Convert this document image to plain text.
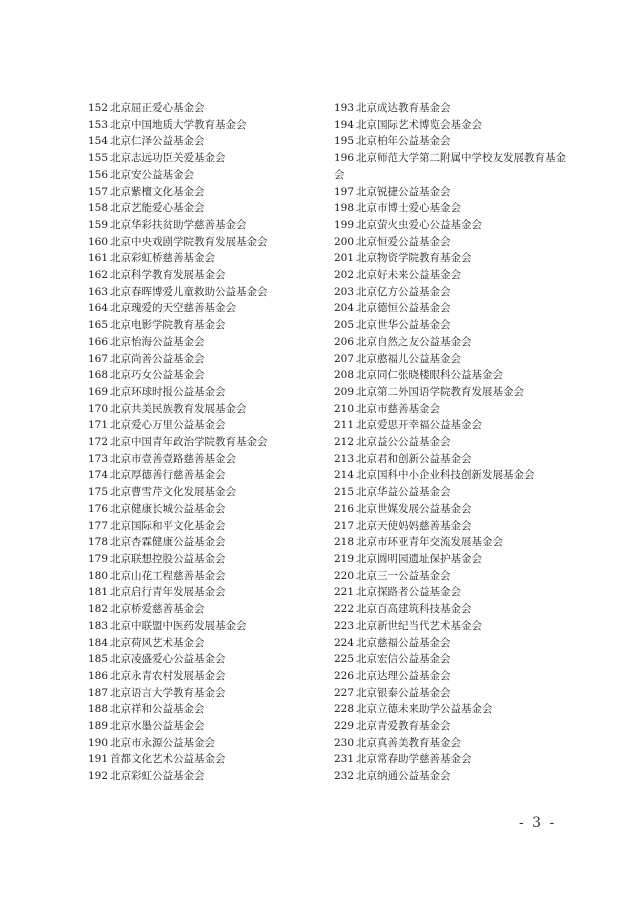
152 北京屈正爱心基金会
153 北京中国地质大学教育基金会
154 北京仁泽公益基金会
155 北京志远功臣关爱基金会
156 北京安公益基金会
157 北京紫檀文化基金会
158 北京艺能爱心基金会
159 北京华彩扶贫助学慈善基金会
160 北京中央戏剧学院教育发展基金会
161 北京彩虹桥慈善基金会
162 北京科学教育发展基金会
163 北京春晖博爱儿童救助公益基金会
164 北京瑰爱的天空慈善基金会
165 北京电影学院教育基金会
166 北京怡海公益基金会
167 北京尚善公益基金会
168 北京巧女公益基金会
169 北京环球时报公益基金会
170 北京共美民族教育发展基金会
171 北京爱心万里公益基金会
172 北京中国青年政治学院教育基金会
173 北京市壹善壹路慈善基金会
174 北京厚德善行慈善基金会
175 北京曹雪芹文化发展基金会
176 北京健康长城公益基金会
177 北京国际和平文化基金会
178 北京杏霖健康公益基金会
179 北京联想控股公益基金会
180 北京山花工程慈善基金会
181 北京启行青年发展基金会
182 北京桥爱慈善基金会
183 北京中联盟中医药发展基金会
184 北京荷风艺术基金会
185 北京凌盛爱心公益基金会
186 北京永青农村发展基金会
187 北京语言大学教育基金会
188 北京祥和公益基金会
189 北京水墨公益基金会
190 北京市永源公益基金会
191 首都文化艺术公益基金会
192 北京彩虹公益基金会
193 北京成达教育基金会
194 北京国际艺术博览会基金会
195 北京柏年公益基金会
196 北京师范大学第二附属中学校友发展教育基金会
197 北京锐捷公益基金会
198 北京市博士爱心基金会
199 北京萤火虫爱心公益基金会
200 北京恒爱公益基金会
201 北京物资学院教育基金会
202 北京好未来公益基金会
203 北京亿方公益基金会
204 北京德恒公益基金会
205 北京世华公益基金会
206 北京自然之友公益基金会
207 北京憨福儿公益基金会
208 北京同仁张晓楼眼科公益基金会
209 北京第二外国语学院教育发展基金会
210 北京市慈善基金会
211 北京爱思开幸福公益基金会
212 北京益公公益基金会
213 北京君和创新公益基金会
214 北京国科中小企业科技创新发展基金会
215 北京华益公益基金会
216 北京世媒发展公益基金会
217 北京天使妈妈慈善基金会
218 北京市环亚青年交流发展基金会
219 北京圆明园遗址保护基金会
220 北京三一公益基金会
221 北京探路者公益基金会
222 北京百高建筑科技基金会
223 北京新世纪当代艺术基金会
224 北京慈福公益基金会
225 北京宏信公益基金会
226 北京达理公益基金会
227 北京银泰公益基金会
228 北京立德未来助学公益基金会
229 北京青爱教育基金会
230 北京真善美教育基金会
231 北京常春助学慈善基金会
232 北京纳通公益基金会
- 3 -
